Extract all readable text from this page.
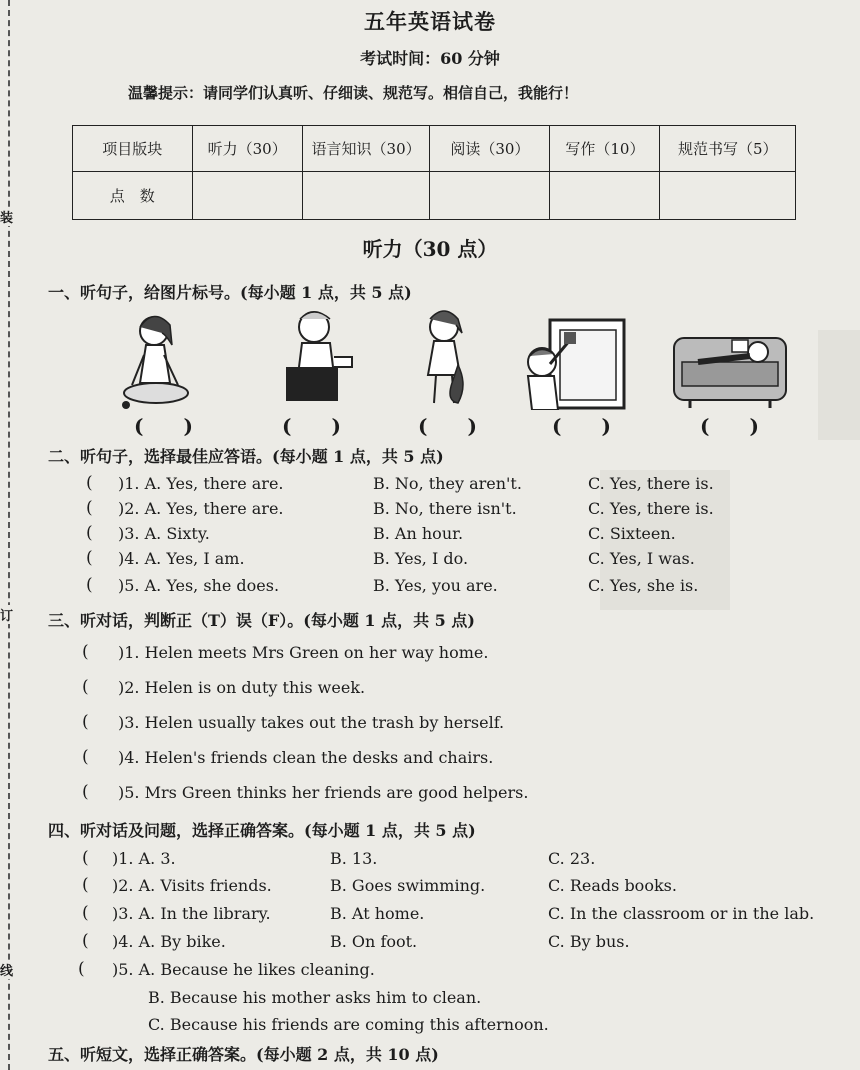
装
订
线
五年英语试卷
考试时间：60 分钟
温馨提示：请同学们认真听、仔细读、规范写。相信自己，我能行！
项目版块	听力（30）	语言知识（30）	阅读（30）	写作（10）	规范书写（5）
点　数					
听力（30 点）
一、听句子，给图片标号。(每小题 1 点，共 5 点)
(　　)	(　　)	(　　)	(　　)	(　　)
二、听句子，选择最佳应答语。(每小题 1 点，共 5 点)
( )1. A. Yes, there are.	B. No, they aren't.	C. Yes, there is.
( )2. A. Yes, there are.	B. No, there isn't.	C. Yes, there is.
( )3. A. Sixty.	B. An hour.	C. Sixteen.
( )4. A. Yes, I am.	B. Yes, I do.	C. Yes, I was.
( )5. A. Yes, she does.	B. Yes, you are.	C. Yes, she is.
三、听对话，判断正（T）误（F）。(每小题 1 点，共 5 点)
( )1. Helen meets Mrs Green on her way home.
( )2. Helen is on duty this week.
( )3. Helen usually takes out the trash by herself.
( )4. Helen's friends clean the desks and chairs.
( )5. Mrs Green thinks her friends are good helpers.
四、听对话及问题，选择正确答案。(每小题 1 点，共 5 点)
( )1. A. 3.	B. 13.	C. 23.
( )2. A. Visits friends.	B. Goes swimming.	C. Reads books.
( )3. A. In the library.	B. At home.	C. In the classroom or in the lab.
( )4. A. By bike.	B. On foot.	C. By bus.
( )5. A. Because he likes cleaning.
B. Because his mother asks him to clean.
C. Because his friends are coming this afternoon.
五、听短文，选择正确答案。(每小题 2 点，共 10 点)
